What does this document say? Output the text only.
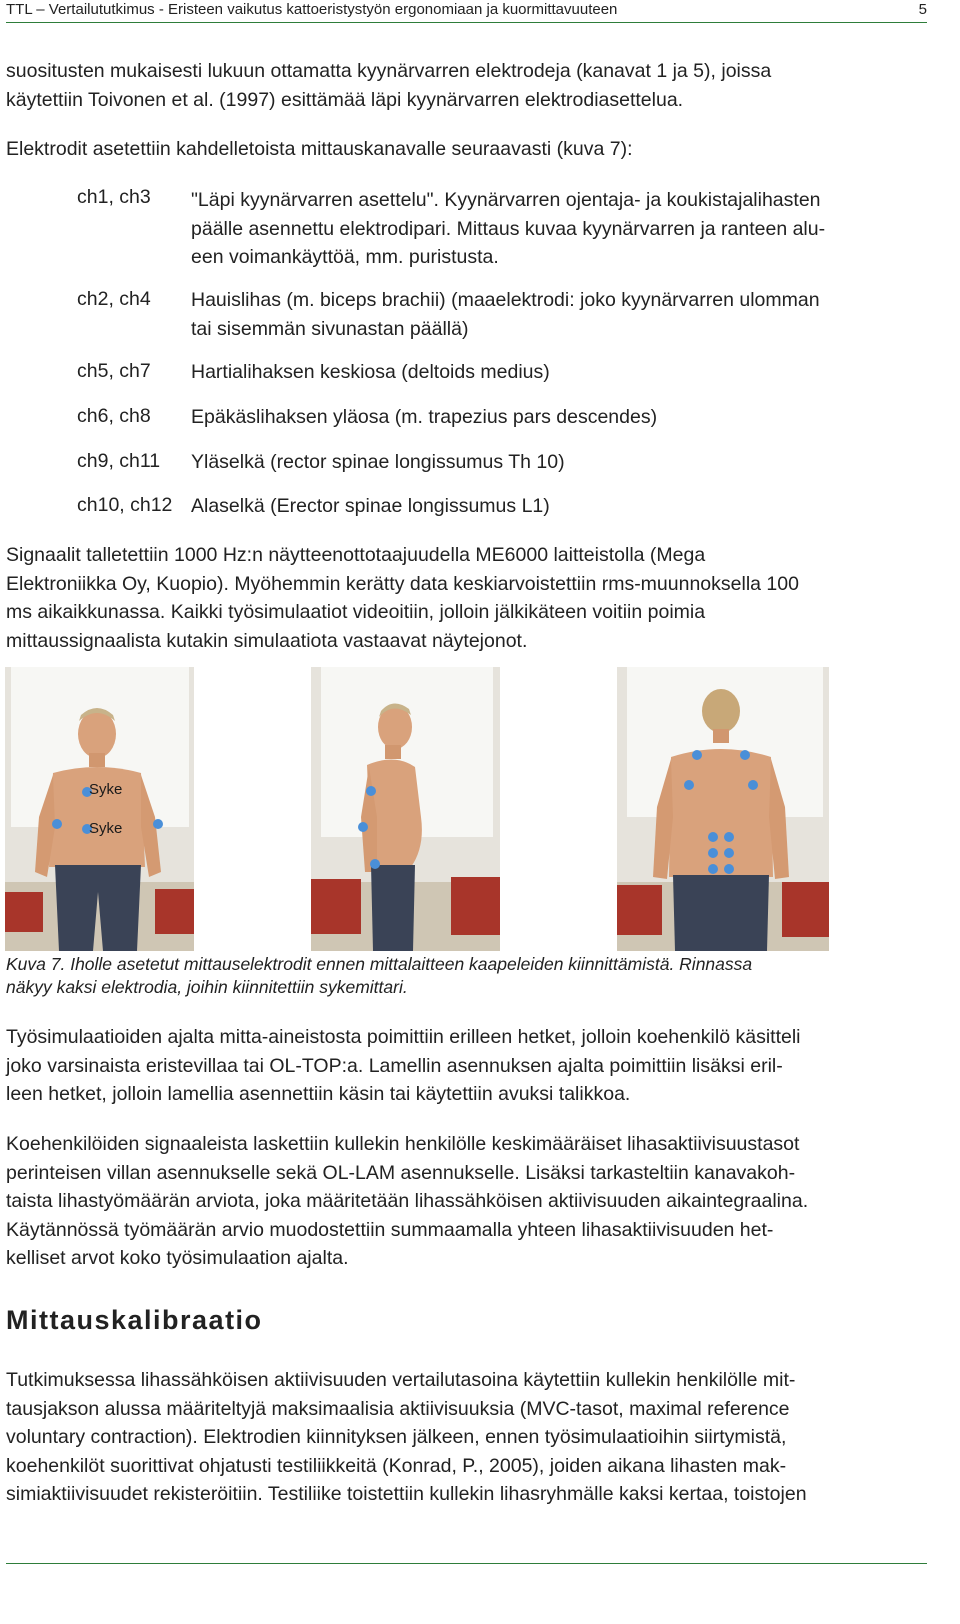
TTL – Vertailututkimus - Eristeen vaikutus kattoeristystyön ergonomiaan ja kuormittavuuteen	5
suositusten mukaisesti lukuun ottamatta kyynärvarren elektrodeja (kanavat 1 ja 5), joissa
käytettiin Toivonen et al. (1997) esittämää läpi kyynärvarren elektrodiasettelua.
Elektrodit asetettiin kahdelletoista mittauskanavalle seuraavasti (kuva 7):
ch1, ch3 "Läpi kyynärvarren asettelu". Kyynärvarren ojentaja- ja koukistajalihasten
päälle asennettu elektrodipari. Mittaus kuvaa kyynärvarren ja ranteen alu-
een voimankäyttöä, mm. puristusta.
ch2, ch4 Hauislihas (m. biceps brachii) (maaelektrodi: joko kyynärvarren ulomman
tai sisemmän sivunastan päällä)
ch5, ch7 Hartialihaksen keskiosa (deltoids medius)
ch6, ch8 Epäkäslihaksen yläosa (m. trapezius pars descendes)
ch9, ch11 Yläselkä (rector spinae longissumus Th 10)
ch10, ch12 Alaselkä (Erector spinae longissumus L1)
Signaalit talletettiin 1000 Hz:n näytteenottotaajuudella ME6000 laitteistolla (Mega
Elektroniikka Oy, Kuopio). Myöhemmin kerätty data keskiarvoistettiin rms-muunnoksella 100
ms aikaikkunassa. Kaikki työsimulaatiot videoitiin, jolloin jälkikäteen voitiin poimia
mittaussignaalista kutakin simulaatiota vastaavat näytejonot.
Syke
Syke
Kuva 7. Iholle asetetut mittauselektrodit ennen mittalaitteen kaapeleiden kiinnittämistä. Rinnassa
näkyy kaksi elektrodia, joihin kiinnitettiin sykemittari.
Työsimulaatioiden ajalta mitta-aineistosta poimittiin erilleen hetket, jolloin koehenkilö käsitteli
joko varsinaista eristevillaa tai OL-TOP:a. Lamellin asennuksen ajalta poimittiin lisäksi eril-
leen hetket, jolloin lamellia asennettiin käsin tai käytettiin avuksi talikkoa.
Koehenkilöiden signaaleista laskettiin kullekin henkilölle keskimääräiset lihasaktiivisuustasot
perinteisen villan asennukselle sekä OL-LAM asennukselle. Lisäksi tarkasteltiin kanavakoh-
taista lihastyömäärän arviota, joka määritetään lihassähköisen aktiivisuuden aikaintegraalina.
Käytännössä työmäärän arvio muodostettiin summaamalla yhteen lihasaktiivisuuden het-
kelliset arvot koko työsimulaation ajalta.
Mittauskalibraatio
Tutkimuksessa lihassähköisen aktiivisuuden vertailutasoina käytettiin kullekin henkilölle mit-
tausjakson alussa määriteltyjä maksimaalisia aktiivisuuksia (MVC-tasot, maximal reference
voluntary contraction). Elektrodien kiinnityksen jälkeen, ennen työsimulaatioihin siirtymistä,
koehenkilöt suorittivat ohjatusti testiliikkeitä (Konrad, P., 2005), joiden aikana lihasten mak-
simiaktiivisuudet rekisteröitiin. Testiliike toistettiin kullekin lihasryhmälle kaksi kertaa, toistojen
